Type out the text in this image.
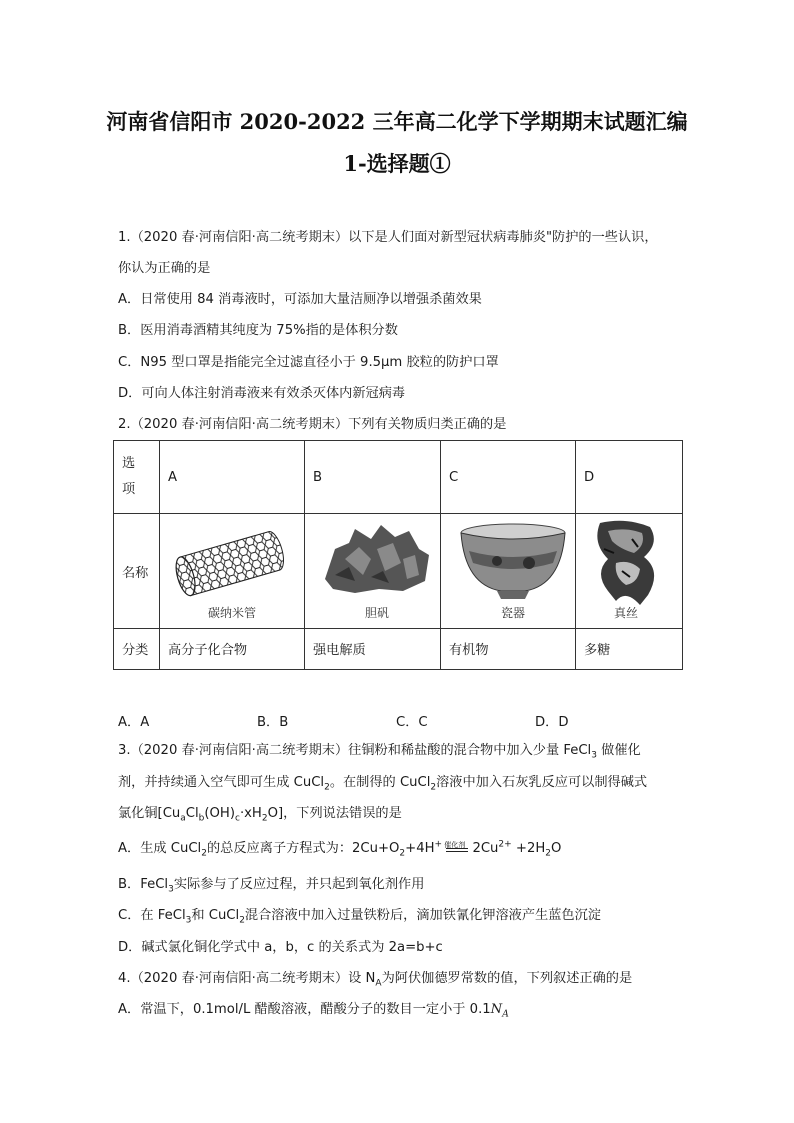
河南省信阳市 2020-2022 三年高二化学下学期期末试题汇编
1-选择题①
1.（2020 春·河南信阳·高二统考期末）以下是人们面对新型冠状病毒肺炎"防护的一些认识，
你认为正确的是
A．日常使用 84 消毒液时，可添加大量洁厕净以增强杀菌效果
B．医用消毒酒精其纯度为 75%指的是体积分数
C．N95 型口罩是指能完全过滤直径小于 9.5μm 胶粒的防护口罩
D．可向人体注射消毒液来有效杀灭体内新冠病毒
2.（2020 春·河南信阳·高二统考期末）下列有关物质归类正确的是
选项	A	B	C	D
名称	碳纳米管	胆矾	瓷器	真丝

分类	高分子化合物	强电解质	有机物	多糖
A．A	B．B	C．C	D．D
3.（2020 春·河南信阳·高二统考期末）往铜粉和稀盐酸的混合物中加入少量 FeCl$_3$ 做催化
剂，并持续通入空气即可生成 CuCl$_2$。在制得的 CuCl$_2$溶液中加入石灰乳反应可以制得碱式
氯化铜$[Cu_aCl_b(OH)_c\cdot xH_2O]$，下列说法错误的是
A．生成 CuCl$_2$的总反应离子方程式为：$2Cu+O_2+4H^+$ 催化剂 $2Cu^{2+} +2H_2O$
B．FeCl$_3$实际参与了反应过程，并只起到氧化剂作用
C．在 FeCl$_3$和 CuCl$_2$混合溶液中加入过量铁粉后，滴加铁氰化钾溶液产生蓝色沉淀
D．碱式氯化铜化学式中 a，b，c 的关系式为 2a=b+c
4.（2020 春·河南信阳·高二统考期末）设 $N_A$为阿伏伽德罗常数的值，下列叙述正确的是
A．常温下，0.1mol/L 醋酸溶液，醋酸分子的数目一定小于 $0.1N_A$
